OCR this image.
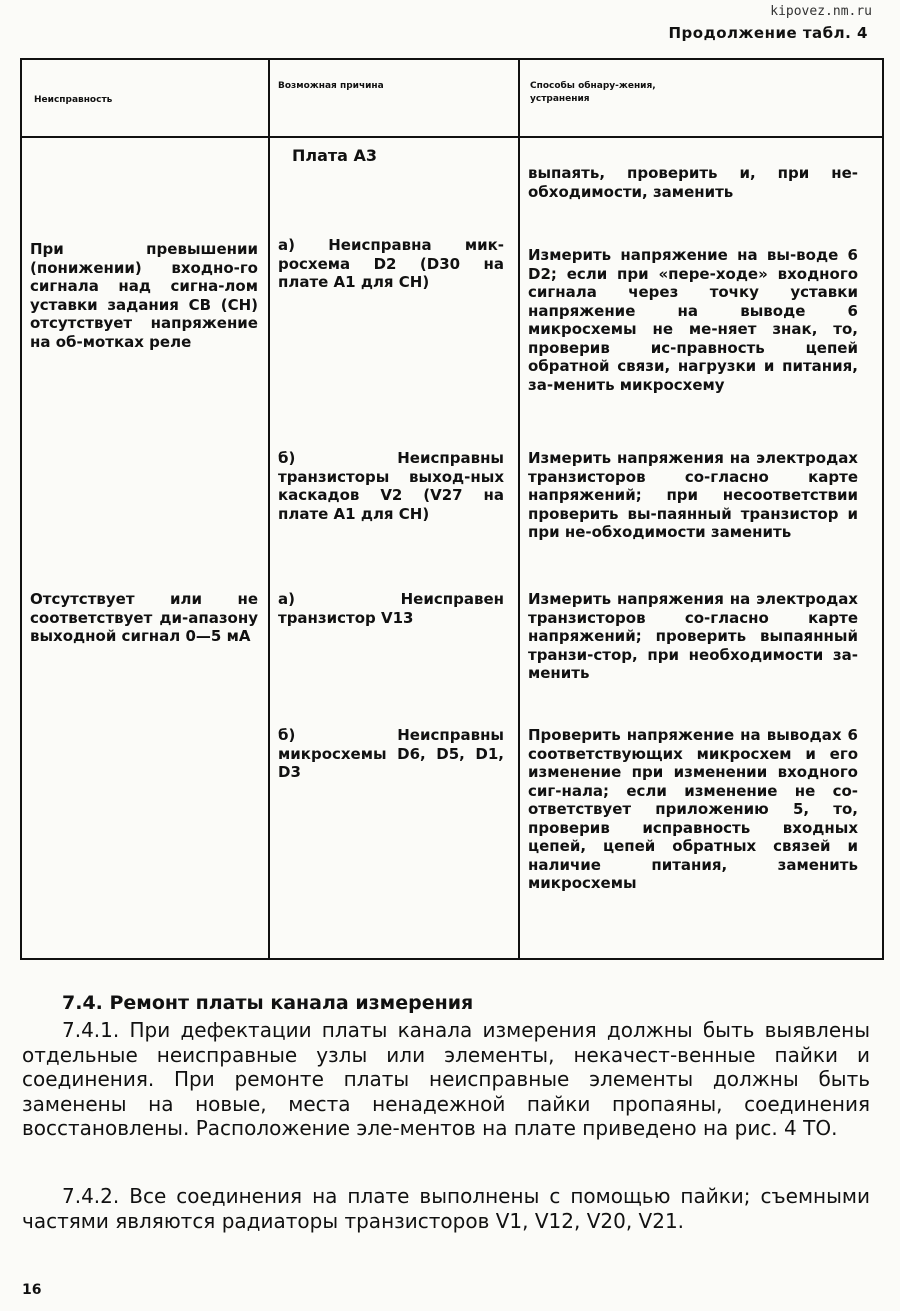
kipovez.nm.ru
Продолжение табл. 4
Неисправность
Возможная причина	Способы обнару-жения, устранения
выпаять, проверить и, при не-обходимости, заменить
При превышении (понижении) входно-го сигнала над сигна-лом уставки задания СВ (СН) отсутствует напряжение на об-мотках реле
а) Неисправна мик-росхема D2 (D30 на плате А1 для СН)
Измерить напряжение на вы-воде 6 D2; если при «пере-ходе» входного сигнала через точку уставки напряжение на выводе 6 микросхемы не ме-няет знак, то, проверив ис-правность цепей обратной связи, нагрузки и питания, за-менить микросхему
б) Неисправны транзисторы выход-ных каскадов V2 (V27 на плате А1 для СН)
Измерить напряжения на электродах транзисторов со-гласно карте напряжений; при несоответствии проверить вы-паянный транзистор и при не-обходимости заменить
Отсутствует или не соответствует ди-апазону выходной сигнал 0—5 мА
а) Неисправен транзистор V13
Измерить напряжения на электродах транзисторов со-гласно карте напряжений; проверить выпаянный транзи-стор, при необходимости за-менить
б) Неисправны микросхемы D6, D5, D1, D3
Проверить напряжение на выводах 6 соответствующих микросхем и его изменение при изменении входного сиг-нала; если изменение не со-ответствует приложению 5, то, проверив исправность входных цепей, цепей обратных связей и наличие питания, заменить микросхемы
Плата А3
7.4. Ремонт платы канала измерения
7.4.1. При дефектации платы канала измерения должны быть выявлены отдельные неисправные узлы или элементы, некачест-венные пайки и соединения. При ремонте платы неисправные элементы должны быть заменены на новые, места ненадежной пайки пропаяны, соединения восстановлены. Расположение эле-ментов на плате приведено на рис. 4 ТО.
7.4.2. Все соединения на плате выполнены с помощью пайки; съемными частями являются радиаторы транзисторов V1, V12, V20, V21.
16
